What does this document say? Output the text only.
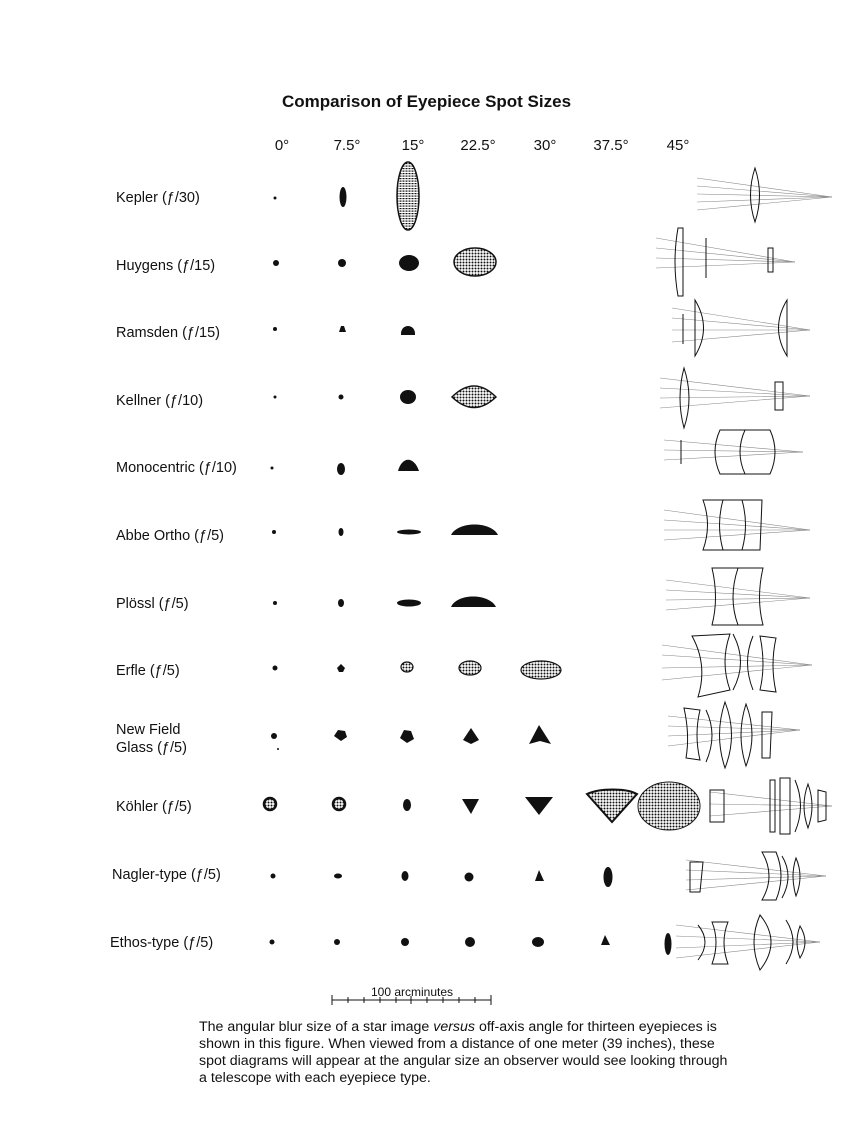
Comparison of Eyepiece Spot Sizes
0°	7.5°	15° 22.5°	30° 37.5°	45°
Kepler (ƒ/30)
Huygens (ƒ/15)
Ramsden (ƒ/15)
Kellner (ƒ/10)
Monocentric (ƒ/10)
Abbe Ortho (ƒ/5)
Plössl (ƒ/5)
Erfle (ƒ/5)
New Field
Glass (ƒ/5)
Köhler (ƒ/5)
Nagler-type (ƒ/5)
Ethos-type (ƒ/5)
100 arcminutes
The angular blur size of a star image versus off-axis angle for thirteen eyepieces is shown in this figure. When viewed from a distance of one meter (39 inches), these spot diagrams will appear at the angular size an observer would see looking through a telescope with each eyepiece type.
